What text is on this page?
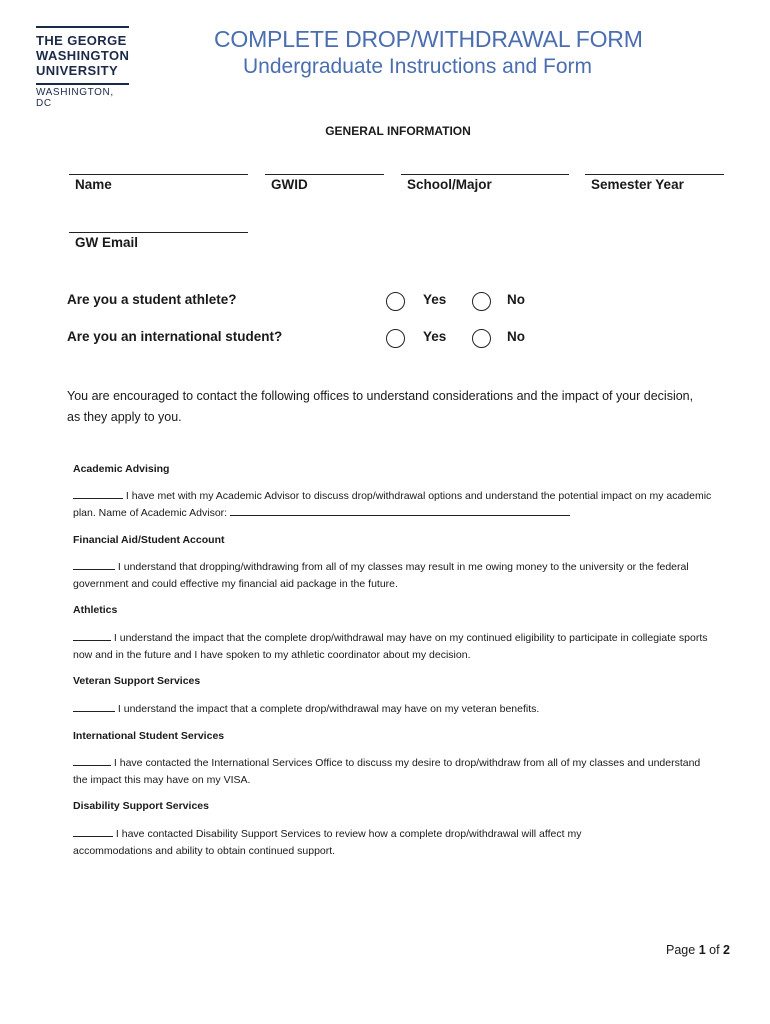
THE GEORGE
WASHINGTON
UNIVERSITY
WASHINGTON, DC
COMPLETE DROP/WITHDRAWAL FORM
Undergraduate Instructions and Form
GENERAL INFORMATION
Name	GWID	School/Major	Semester Year
GW Email
Are you a student athlete?	Yes	No
Are you an international student?	Yes	No
You are encouraged to contact the following offices to understand considerations and the impact of your decision, as they apply to you.
Academic Advising
I have met with my Academic Advisor to discuss drop/withdrawal options and understand the potential impact on my academic plan. Name of Academic Advisor:
Financial Aid/Student Account
I understand that dropping/withdrawing from all of my classes may result in me owing money to the university or the federal government and could effective my financial aid package in the future.
Athletics
I understand the impact that the complete drop/withdrawal may have on my continued eligibility to participate in collegiate sports now and in the future and I have spoken to my athletic coordinator about my decision.
Veteran Support Services
I understand the impact that a complete drop/withdrawal may have on my veteran benefits.
International Student Services
I have contacted the International Services Office to discuss my desire to drop/withdraw from all of my classes and understand the impact this may have on my VISA.
Disability Support Services
I have contacted Disability Support Services to review how a complete drop/withdrawal will affect my accommodations and ability to obtain continued support.
Page 1 of 2
